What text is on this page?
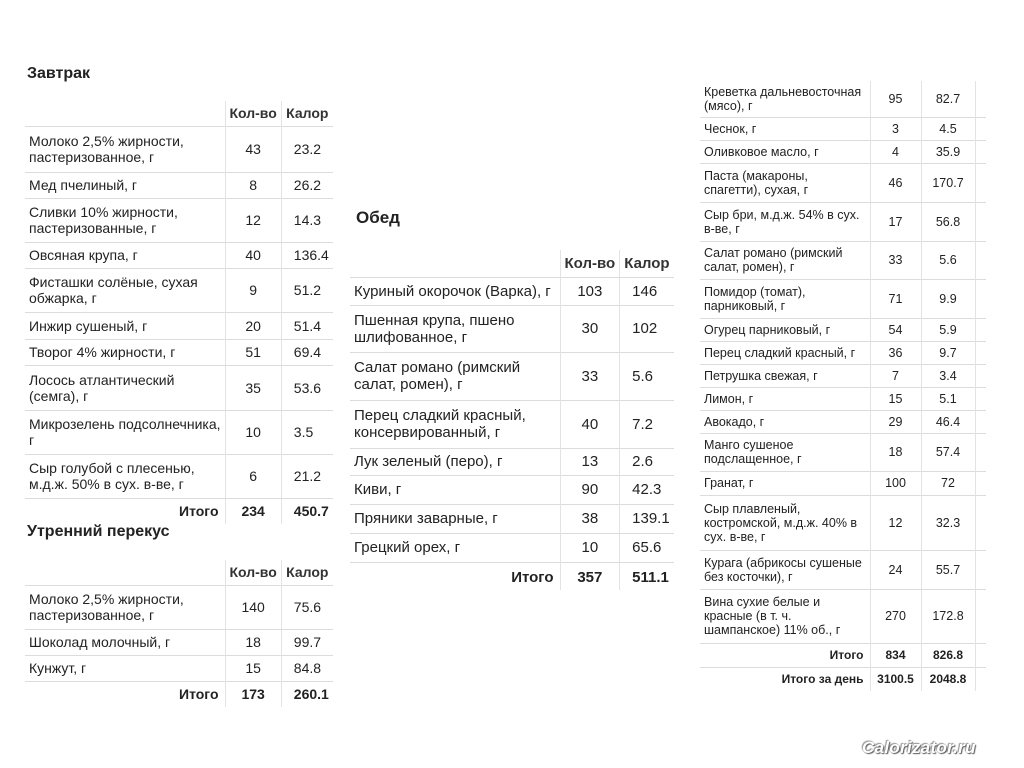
Завтрак
	Кол-во	Калор
Молоко 2,5% жирности, пастеризованное, г	43	23.2
Мед пчелиный, г	8	26.2
Сливки 10% жирности, пастеризованные, г	12	14.3
Овсяная крупа, г	40	136.4
Фисташки солёные, сухая обжарка, г	9	51.2
Инжир сушеный, г	20	51.4
Творог 4% жирности, г	51	69.4
Лосось атлантический (семга), г	35	53.6
Микрозелень подсолнечника, г	10	3.5
Сыр голубой с плесенью, м.д.ж. 50% в сух. в-ве, г	6	21.2
Итого	234	450.7
Утренний перекус
	Кол-во	Калор
Молоко 2,5% жирности, пастеризованное, г	140	75.6
Шоколад молочный, г	18	99.7
Кунжут, г	15	84.8
Итого	173	260.1
Обед
	Кол-во	Калор
Куриный окорочок (Варка), г	103	146
Пшенная крупа, пшено шлифованное, г	30	102
Салат романо (римский салат, ромен), г	33	5.6
Перец сладкий красный, консервированный, г	40	7.2
Лук зеленый (перо), г	13	2.6
Киви, г	90	42.3
Пряники заварные, г	38	139.1
Грецкий орех, г	10	65.6
Итого	357	511.1
Креветка дальневосточная (мясо), г	95	82.7	
Чеснок, г	3	4.5	
Оливковое масло, г	4	35.9	
Паста (макароны, спагетти), сухая, г	46	170.7	
Сыр бри, м.д.ж. 54% в сух. в-ве, г	17	56.8	
Салат романо (римский салат, ромен), г	33	5.6	
Помидор (томат), парниковый, г	71	9.9	
Огурец парниковый, г	54	5.9	
Перец сладкий красный, г	36	9.7	
Петрушка свежая, г	7	3.4	
Лимон, г	15	5.1	
Авокадо, г	29	46.4	
Манго сушеное подслащенное, г	18	57.4	
Гранат, г	100	72	
Сыр плавленый, костромской, м.д.ж. 40% в сух. в-ве, г	12	32.3	
Курага (абрикосы сушеные без косточки), г	24	55.7	
Вина сухие белые и красные (в т. ч. шампанское) 11% об., г	270	172.8	
Итого	834	826.8	
Итого за день	3100.5	2048.8	
Calorizator.ru
